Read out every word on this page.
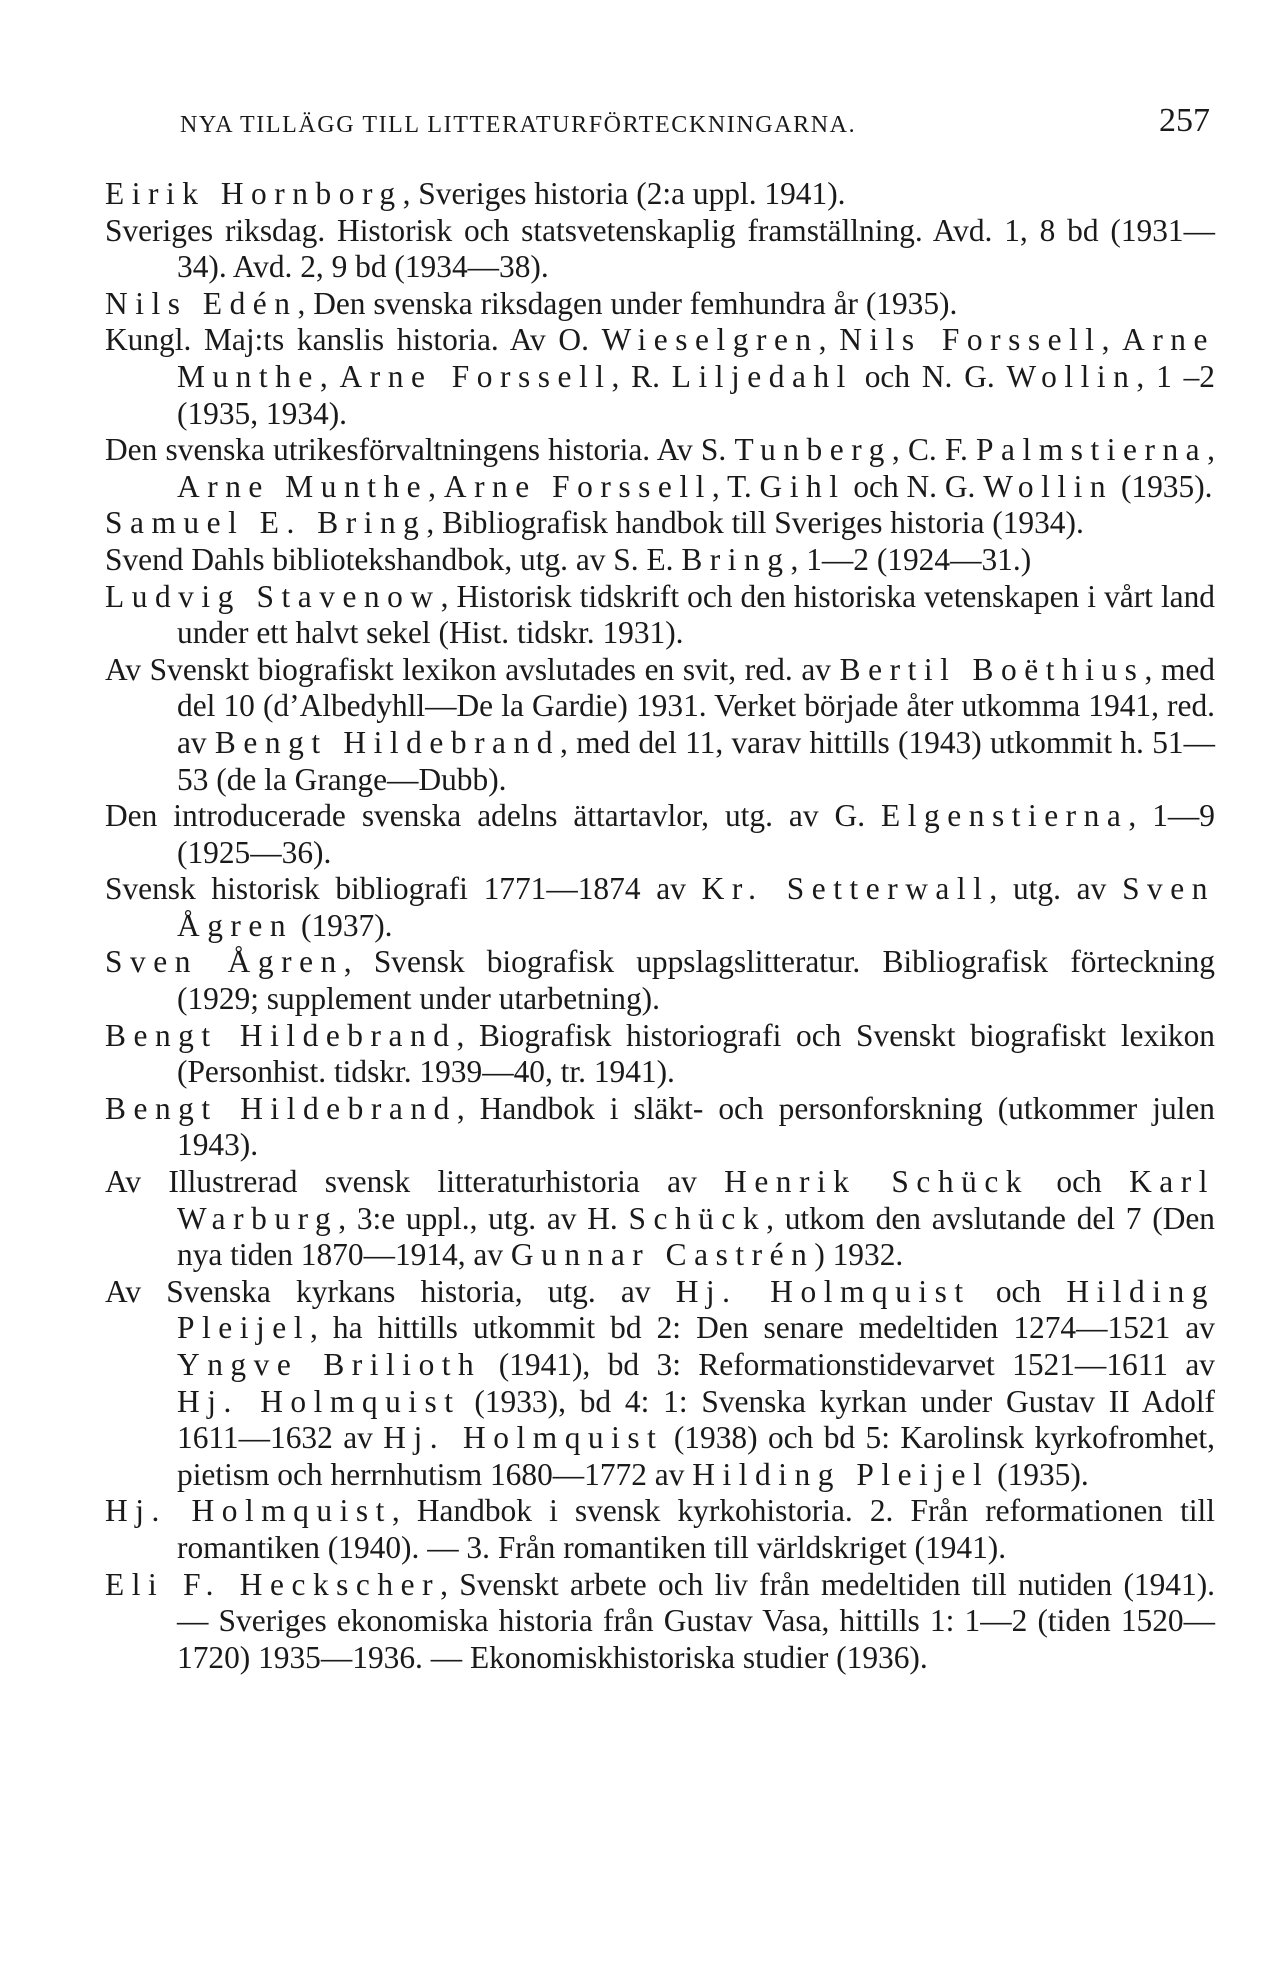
NYA TILLÄGG TILL LITTERATURFÖRTECKNINGARNA.	257

Eirik Hornborg, Sveriges historia (2:a uppl. 1941).

Sveriges riksdag. Historisk och statsvetenskaplig framställning. Avd. 1, 8 bd (1931—34). Avd. 2, 9 bd (1934—38).

Nils Edén, Den svenska riksdagen under femhundra år (1935).

Kungl. Maj:ts kanslis historia. Av O. Wieselgren, Nils Forssell, Arne Munthe, Arne Forssell, R. Liljedahl och N. G. Wollin, 1 –2 (1935, 1934).

Den svenska utrikesförvaltningens historia. Av S. Tunberg, C. F. Palmstierna, Arne Munthe, Arne Forssell, T. Gihl och N. G. Wollin (1935).

Samuel E. Bring, Bibliografisk handbok till Sveriges historia (1934).

Svend Dahls bibliotekshandbok, utg. av S. E. Bring, 1—2 (1924—31.)

Ludvig Stavenow, Historisk tidskrift och den historiska vetenskapen i vårt land under ett halvt sekel (Hist. tidskr. 1931).

Av Svenskt biografiskt lexikon avslutades en svit, red. av Bertil Boëthius, med del 10 (d’Albedyhll—De la Gardie) 1931. Verket började åter utkomma 1941, red. av Bengt Hildebrand, med del 11, varav hittills (1943) utkommit h. 51—53 (de la Grange—Dubb).

Den introducerade svenska adelns ättartavlor, utg. av G. Elgenstierna, 1—9 (1925—36).

Svensk historisk bibliografi 1771—1874 av Kr. Setterwall, utg. av Sven Ågren (1937).

Sven Ågren, Svensk biografisk uppslagslitteratur. Bibliografisk förteckning (1929; supplement under utarbetning).

Bengt Hildebrand, Biografisk historiografi och Svenskt biografiskt lexikon (Personhist. tidskr. 1939—40, tr. 1941).

Bengt Hildebrand, Handbok i släkt- och personforskning (utkommer julen 1943).

Av Illustrerad svensk litteraturhistoria av Henrik Schück och Karl Warburg, 3:e uppl., utg. av H. Schück, utkom den avslutande del 7 (Den nya tiden 1870—1914, av Gunnar Castrén) 1932.

Av Svenska kyrkans historia, utg. av Hj. Holmquist och Hilding Pleijel, ha hittills utkommit bd 2: Den senare medeltiden 1274—1521 av Yngve Brilioth (1941), bd 3: Reformationstidevarvet 1521—1611 av Hj. Holmquist (1933), bd 4: 1: Svenska kyrkan under Gustav II Adolf 1611—1632 av Hj. Holmquist (1938) och bd 5: Karolinsk kyrkofromhet, pietism och herrnhutism 1680—1772 av Hilding Pleijel (1935).

Hj. Holmquist, Handbok i svensk kyrkohistoria. 2. Från reformationen till romantiken (1940). — 3. Från romantiken till världskriget (1941).

Eli F. Heckscher, Svenskt arbete och liv från medeltiden till nutiden (1941). — Sveriges ekonomiska historia från Gustav Vasa, hittills 1: 1—2 (tiden 1520—1720) 1935—1936. — Ekonomiskhistoriska studier (1936).
